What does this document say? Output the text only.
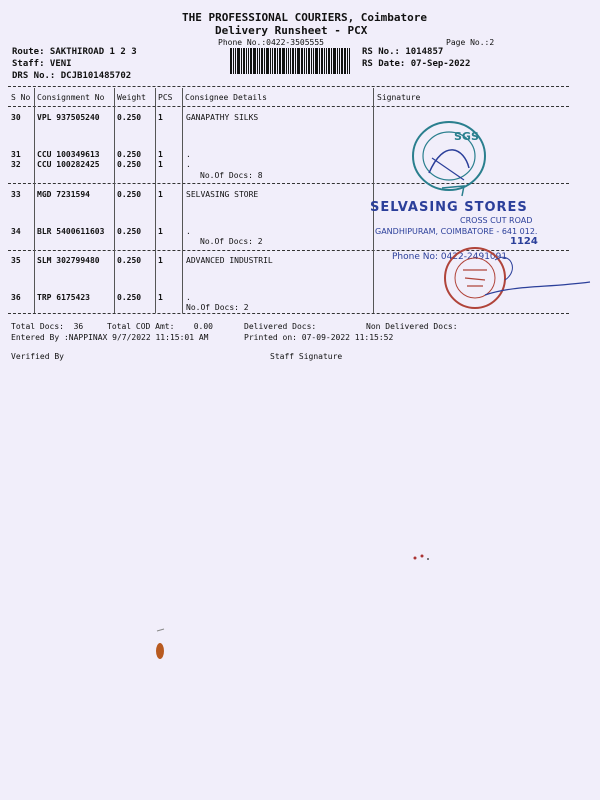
THE PROFESSIONAL COURIERS, Coimbatore
Delivery Runsheet - PCX
Phone No.:0422-3505555	Page No.:2
Route: SAKTHIROAD 1 2 3
Staff: VENI
DRS No.: DCJB101485702
RS No.: 1014857
RS Date: 07-Sep-2022
S No Consignment No Weight PCS Consignee Details	Signature
30 VPL 937505240 0.250 1	GANAPATHY SILKS
31 CCU 100349613 0.250 1	.
32 CCU 100282425 0.250 1	.
No.Of Docs: 8
33 MGD 7231594	0.250 1	SELVASING STORE
34 BLR 5400611603 0.250 1	.
No.Of Docs: 2
35 SLM 302799480 0.250 1	ADVANCED INDUSTRIL
36 TRP 6175423	0.250 1	.
No.Of Docs: 2
Total Docs:  36	Total COD Amt:    0.00	Delivered Docs:	Non Delivered Docs:
Entered By :NAPPINAX 9/7/2022 11:15:01 AM	Printed on: 07-09-2022 11:15:52
Verified By	Staff Signature
SGS
SELVASING STORES
CROSS CUT ROAD
GANDHIPURAM, COIMBATORE - 641 012.
Phone No: 0422-2491091
1124
